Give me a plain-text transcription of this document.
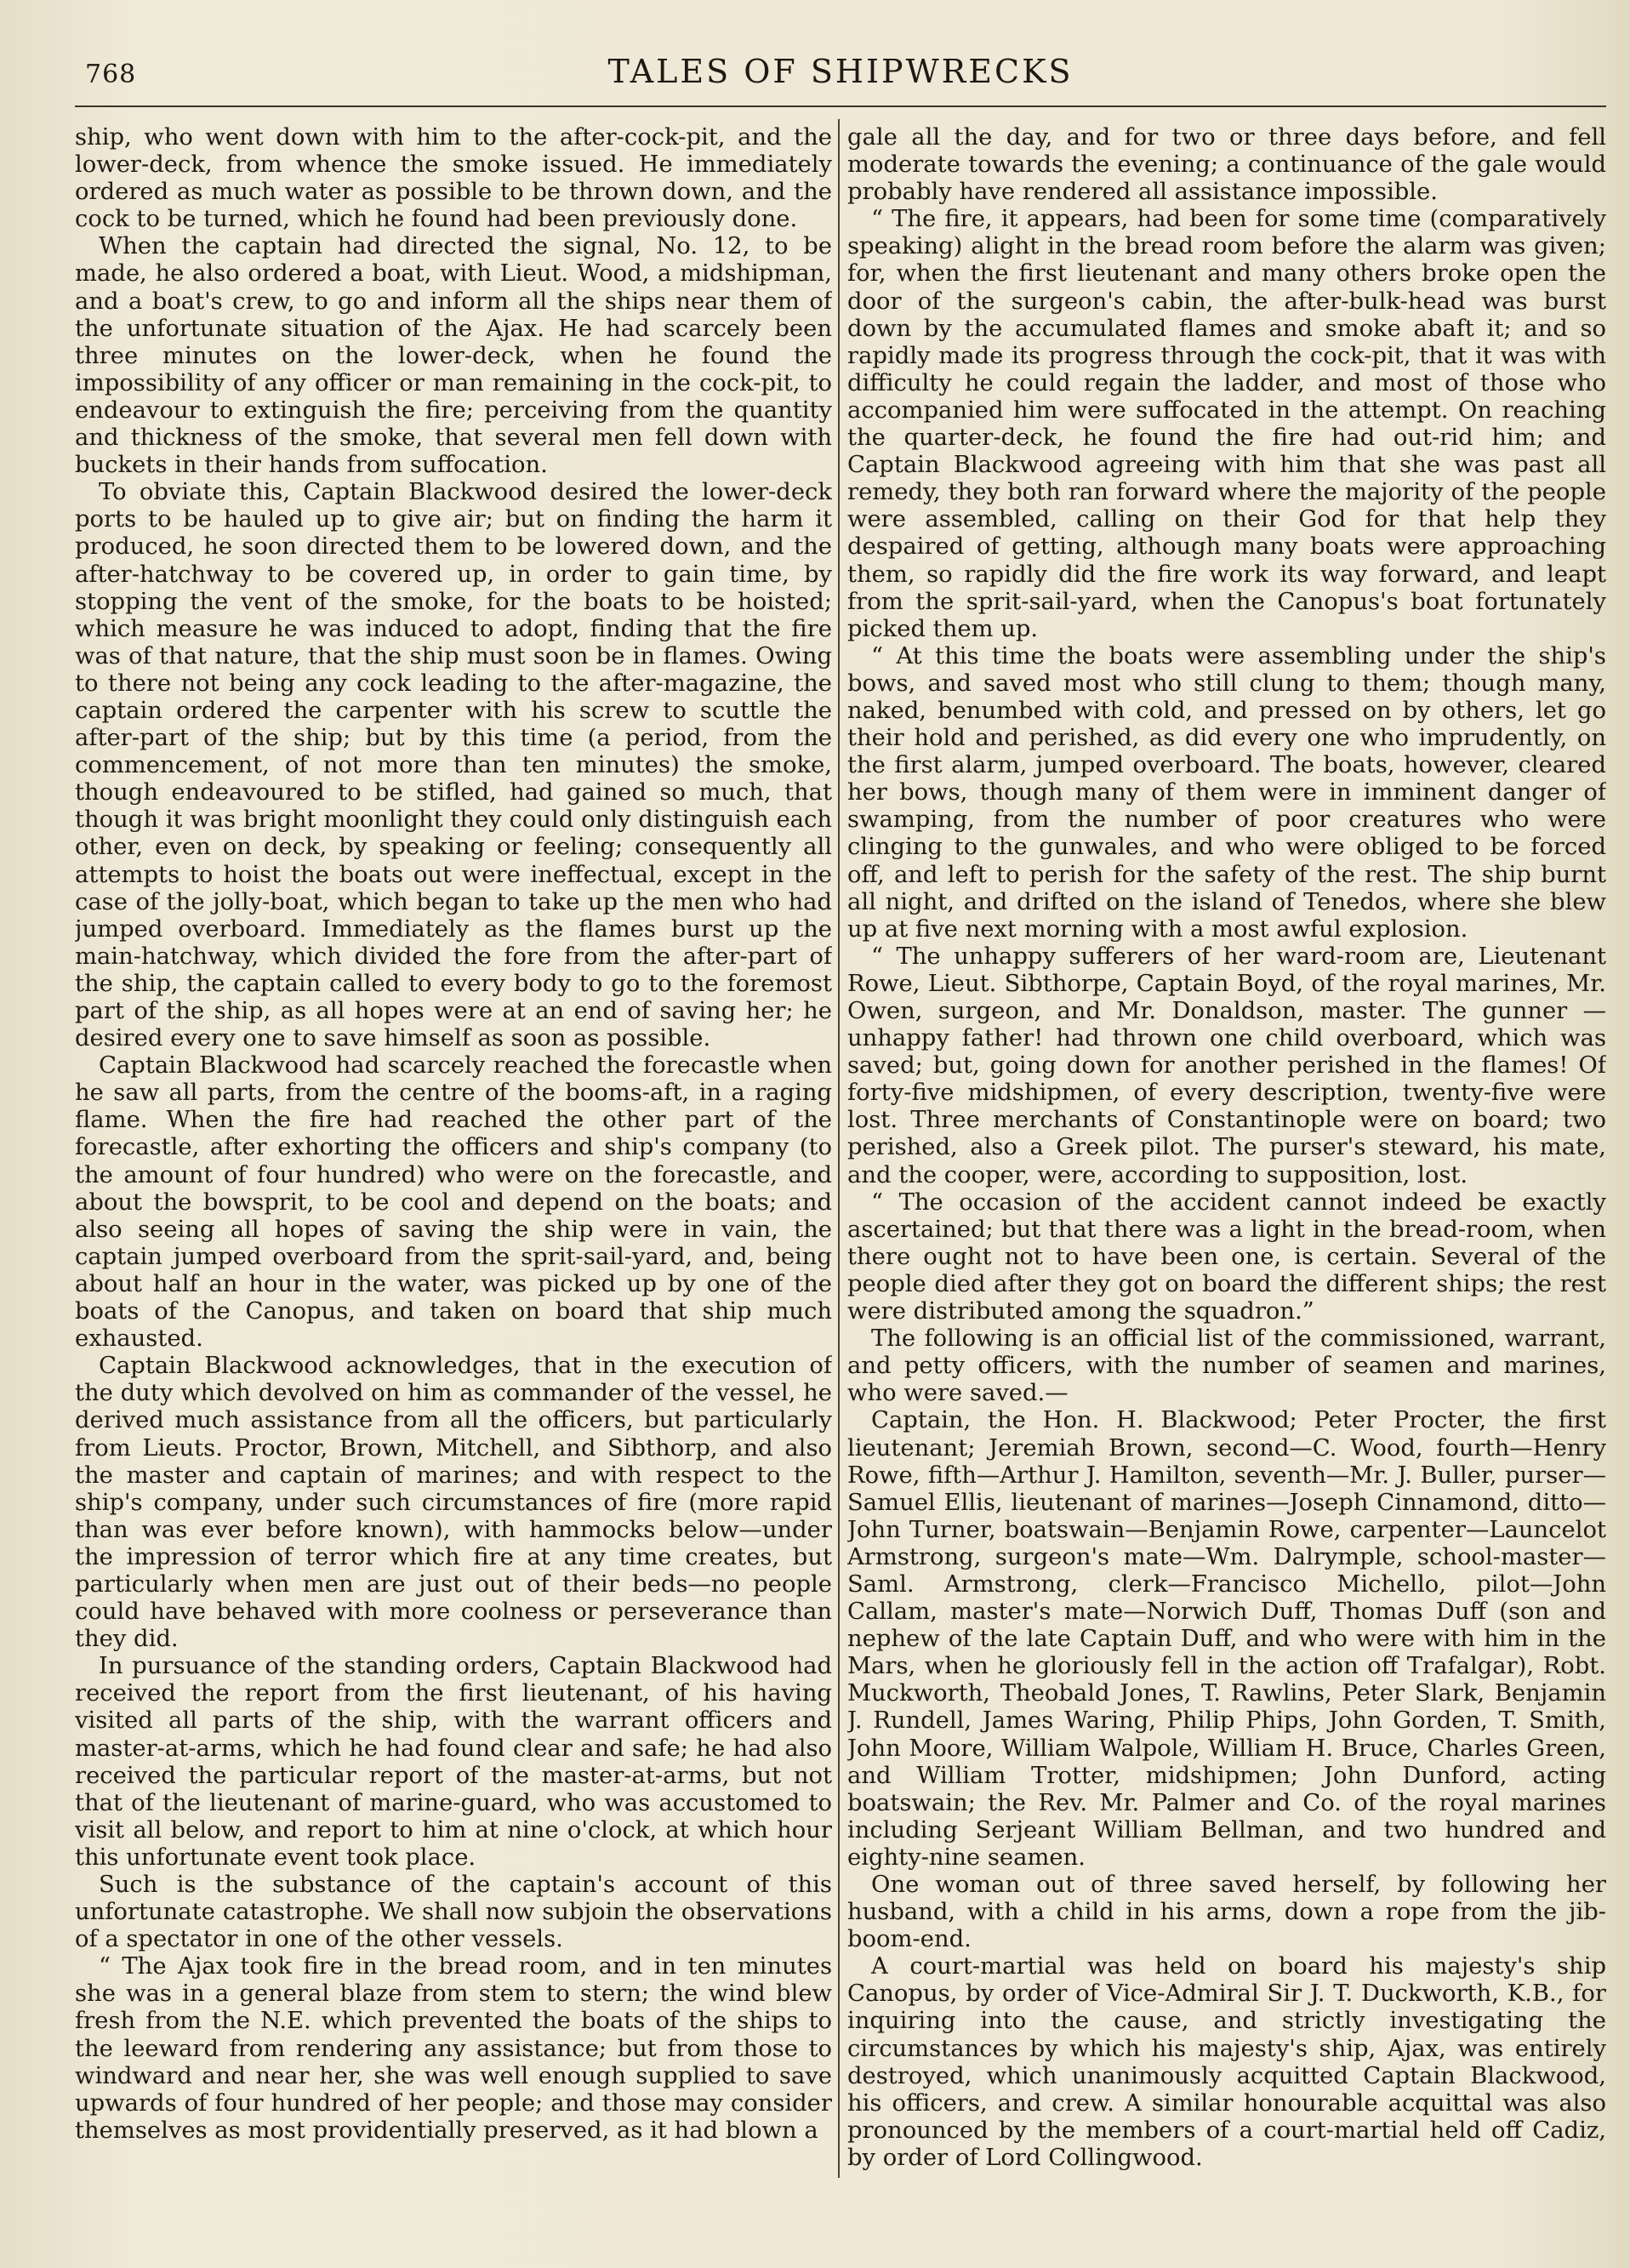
768	TALES OF SHIPWRECKS

ship, who went down with him to the after-cock-pit, and the lower-deck, from whence the smoke issued. He immediately ordered as much water as possible to be thrown down, and the cock to be turned, which he found had been previously done.

When the captain had directed the signal, No. 12, to be made, he also ordered a boat, with Lieut. Wood, a midshipman, and a boat's crew, to go and inform all the ships near them of the unfortunate situation of the Ajax. He had scarcely been three minutes on the lower-deck, when he found the impossibility of any officer or man remaining in the cock-pit, to endeavour to extinguish the fire; perceiving from the quantity and thickness of the smoke, that several men fell down with buckets in their hands from suffocation.

To obviate this, Captain Blackwood desired the lower-deck ports to be hauled up to give air; but on finding the harm it produced, he soon directed them to be lowered down, and the after-hatchway to be covered up, in order to gain time, by stopping the vent of the smoke, for the boats to be hoisted; which measure he was induced to adopt, finding that the fire was of that nature, that the ship must soon be in flames. Owing to there not being any cock leading to the after-magazine, the captain ordered the carpenter with his screw to scuttle the after-part of the ship; but by this time (a period, from the commencement, of not more than ten minutes) the smoke, though endeavoured to be stifled, had gained so much, that though it was bright moonlight they could only distinguish each other, even on deck, by speaking or feeling; consequently all attempts to hoist the boats out were ineffectual, except in the case of the jolly-boat, which began to take up the men who had jumped overboard. Immediately as the flames burst up the main-hatchway, which divided the fore from the after-part of the ship, the captain called to every body to go to the foremost part of the ship, as all hopes were at an end of saving her; he desired every one to save himself as soon as possible.

Captain Blackwood had scarcely reached the forecastle when he saw all parts, from the centre of the booms-aft, in a raging flame. When the fire had reached the other part of the forecastle, after exhorting the officers and ship's company (to the amount of four hundred) who were on the forecastle, and about the bowsprit, to be cool and depend on the boats; and also seeing all hopes of saving the ship were in vain, the captain jumped overboard from the sprit-sail-yard, and, being about half an hour in the water, was picked up by one of the boats of the Canopus, and taken on board that ship much exhausted.

Captain Blackwood acknowledges, that in the execution of the duty which devolved on him as commander of the vessel, he derived much assistance from all the officers, but particularly from Lieuts. Proctor, Brown, Mitchell, and Sibthorp, and also the master and captain of marines; and with respect to the ship's company, under such circumstances of fire (more rapid than was ever before known), with hammocks below—under the impression of terror which fire at any time creates, but particularly when men are just out of their beds—no people could have behaved with more coolness or perseverance than they did.

In pursuance of the standing orders, Captain Blackwood had received the report from the first lieutenant, of his having visited all parts of the ship, with the warrant officers and master-at-arms, which he had found clear and safe; he had also received the particular report of the master-at-arms, but not that of the lieutenant of marine-guard, who was accustomed to visit all below, and report to him at nine o'clock, at which hour this unfortunate event took place.

Such is the substance of the captain's account of this unfortunate catastrophe. We shall now subjoin the observations of a spectator in one of the other vessels.

“ The Ajax took fire in the bread room, and in ten minutes she was in a general blaze from stem to stern; the wind blew fresh from the N.E. which prevented the boats of the ships to the leeward from rendering any assistance; but from those to windward and near her, she was well enough supplied to save upwards of four hundred of her people; and those may consider themselves as most providentially preserved, as it had blown a

gale all the day, and for two or three days before, and fell moderate towards the evening; a continuance of the gale would probably have rendered all assistance impossible.

“ The fire, it appears, had been for some time (comparatively speaking) alight in the bread room before the alarm was given; for, when the first lieutenant and many others broke open the door of the surgeon's cabin, the after-bulk-head was burst down by the accumulated flames and smoke abaft it; and so rapidly made its progress through the cock-pit, that it was with difficulty he could regain the ladder, and most of those who accompanied him were suffocated in the attempt. On reaching the quarter-deck, he found the fire had out-rid him; and Captain Blackwood agreeing with him that she was past all remedy, they both ran forward where the majority of the people were assembled, calling on their God for that help they despaired of getting, although many boats were approaching them, so rapidly did the fire work its way forward, and leapt from the sprit-sail-yard, when the Canopus's boat fortunately picked them up.

“ At this time the boats were assembling under the ship's bows, and saved most who still clung to them; though many, naked, benumbed with cold, and pressed on by others, let go their hold and perished, as did every one who imprudently, on the first alarm, jumped overboard. The boats, however, cleared her bows, though many of them were in imminent danger of swamping, from the number of poor creatures who were clinging to the gunwales, and who were obliged to be forced off, and left to perish for the safety of the rest. The ship burnt all night, and drifted on the island of Tenedos, where she blew up at five next morning with a most awful explosion.

“ The unhappy sufferers of her ward-room are, Lieutenant Rowe, Lieut. Sibthorpe, Captain Boyd, of the royal marines, Mr. Owen, surgeon, and Mr. Donaldson, master. The gunner —unhappy father! had thrown one child overboard, which was saved; but, going down for another perished in the flames! Of forty-five midshipmen, of every description, twenty-five were lost. Three merchants of Constantinople were on board; two perished, also a Greek pilot. The purser's steward, his mate, and the cooper, were, according to supposition, lost.

“ The occasion of the accident cannot indeed be exactly ascertained; but that there was a light in the bread-room, when there ought not to have been one, is certain. Several of the people died after they got on board the different ships; the rest were distributed among the squadron.”

The following is an official list of the commissioned, warrant, and petty officers, with the number of seamen and marines, who were saved.—

Captain, the Hon. H. Blackwood; Peter Procter, the first lieutenant; Jeremiah Brown, second—C. Wood, fourth—Henry Rowe, fifth—Arthur J. Hamilton, seventh—Mr. J. Buller, purser—Samuel Ellis, lieutenant of marines—Joseph Cinnamond, ditto—John Turner, boatswain—Benjamin Rowe, carpenter—Launcelot Armstrong, surgeon's mate—Wm. Dalrymple, school-master—Saml. Armstrong, clerk—Francisco Michello, pilot—John Callam, master's mate—Norwich Duff, Thomas Duff (son and nephew of the late Captain Duff, and who were with him in the Mars, when he gloriously fell in the action off Trafalgar), Robt. Muckworth, Theobald Jones, T. Rawlins, Peter Slark, Benjamin J. Rundell, James Waring, Philip Phips, John Gorden, T. Smith, John Moore, William Walpole, William H. Bruce, Charles Green, and William Trotter, midshipmen; John Dunford, acting boatswain; the Rev. Mr. Palmer and Co. of the royal marines including Serjeant William Bellman, and two hundred and eighty-nine seamen.

One woman out of three saved herself, by following her husband, with a child in his arms, down a rope from the jib-boom-end.

A court-martial was held on board his majesty's ship Canopus, by order of Vice-Admiral Sir J. T. Duckworth, K.B., for inquiring into the cause, and strictly investigating the circumstances by which his majesty's ship, Ajax, was entirely destroyed, which unanimously acquitted Captain Blackwood, his officers, and crew. A similar honourable acquittal was also pronounced by the members of a court-martial held off Cadiz, by order of Lord Collingwood.
